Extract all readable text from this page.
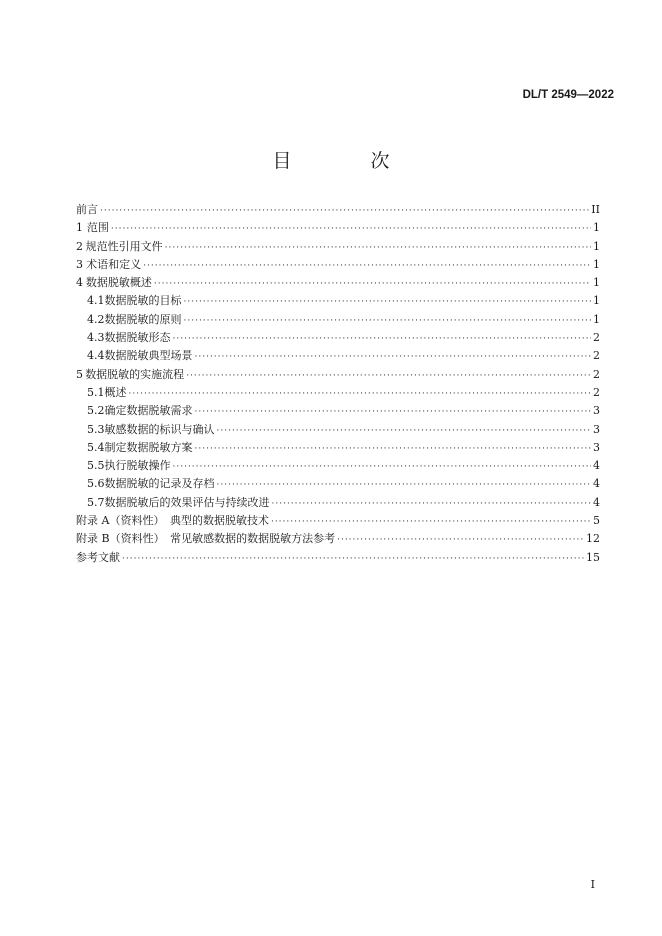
DL/T 2549—2022
目　次
前言 ·····	II
1 范围 ·····	1
2 规范性引用文件 ·····	1
3 术语和定义 ·····	1
4 数据脱敏概述 ·····	1
4.1 数据脱敏的目标 ·····	1
4.2 数据脱敏的原则 ·····	1
4.3 数据脱敏形态 ·····	2
4.4 数据脱敏典型场景 ·····	2
5 数据脱敏的实施流程 ·····	2
5.1 概述 ·····	2
5.2 确定数据脱敏需求 ·····	3
5.3 敏感数据的标识与确认 ·····	3
5.4 制定数据脱敏方案 ·····	3
5.5 执行脱敏操作 ·····	4
5.6 数据脱敏的记录及存档 ·····	4
5.7 数据脱敏后的效果评估与持续改进 ·····	4
附录 A（资料性）　典型的数据脱敏技术 ·····	5
附录 B（资料性）　常见敏感数据的数据脱敏方法参考 ·····	12
参考文献 ·····	15
I
